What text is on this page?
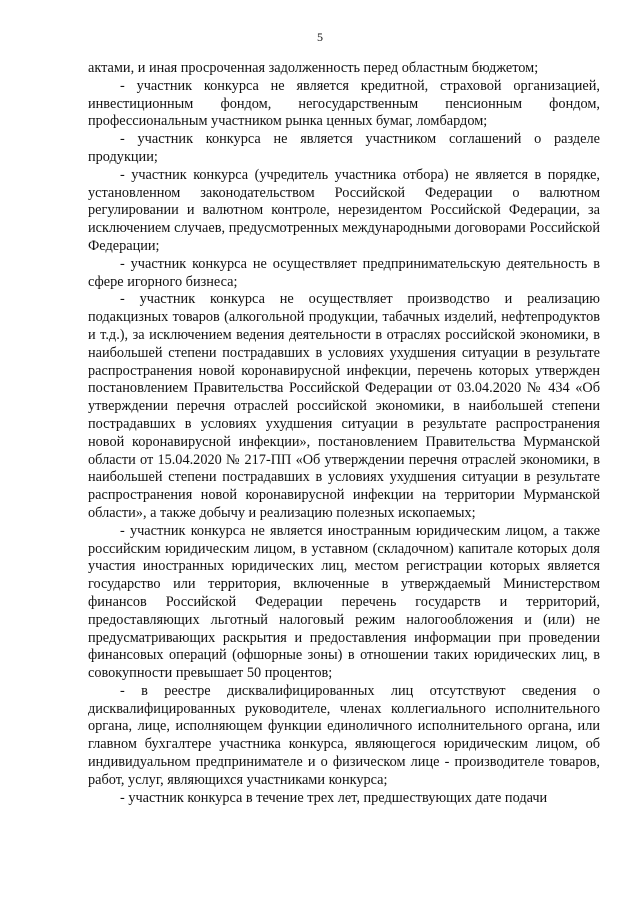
5

актами, и иная просроченная задолженность перед областным бюджетом;

- участник конкурса не является кредитной, страховой организацией, инвестиционным фондом, негосударственным пенсионным фондом, профессиональным участником рынка ценных бумаг, ломбардом;

- участник конкурса не является участником соглашений о разделе продукции;

- участник конкурса (учредитель участника отбора) не является в порядке, установленном законодательством Российской Федерации о валютном регулировании и валютном контроле, нерезидентом Российской Федерации, за исключением случаев, предусмотренных международными договорами Российской Федерации;

- участник конкурса не осуществляет предпринимательскую деятельность в сфере игорного бизнеса;

- участник конкурса не осуществляет производство и реализацию подакцизных товаров (алкогольной продукции, табачных изделий, нефтепродуктов и т.д.), за исключением ведения деятельности в отраслях российской экономики, в наибольшей степени пострадавших в условиях ухудшения ситуации в результате распространения новой коронавирусной инфекции, перечень которых утвержден постановлением Правительства Российской Федерации от 03.04.2020 № 434 «Об утверждении перечня отраслей российской экономики, в наибольшей степени пострадавших в условиях ухудшения ситуации в результате распространения новой коронавирусной инфекции», постановлением Правительства Мурманской области от 15.04.2020 № 217-ПП «Об утверждении перечня отраслей экономики, в наибольшей степени пострадавших в условиях ухудшения ситуации в результате распространения новой коронавирусной инфекции на территории Мурманской области», а также добычу и реализацию полезных ископаемых;

- участник конкурса не является иностранным юридическим лицом, а также российским юридическим лицом, в уставном (складочном) капитале которых доля участия иностранных юридических лиц, местом регистрации которых является государство или территория, включенные в утверждаемый Министерством финансов Российской Федерации перечень государств и территорий, предоставляющих льготный налоговый режим налогообложения и (или) не предусматривающих раскрытия и предоставления информации при проведении финансовых операций (офшорные зоны) в отношении таких юридических лиц, в совокупности превышает 50 процентов;

- в реестре дисквалифицированных лиц отсутствуют сведения о дисквалифицированных руководителе, членах коллегиального исполнительного органа, лице, исполняющем функции единоличного исполнительного органа, или главном бухгалтере участника конкурса, являющегося юридическим лицом, об индивидуальном предпринимателе и о физическом лице - производителе товаров, работ, услуг, являющихся участниками конкурса;

- участник конкурса в течение трех лет, предшествующих дате подачи
